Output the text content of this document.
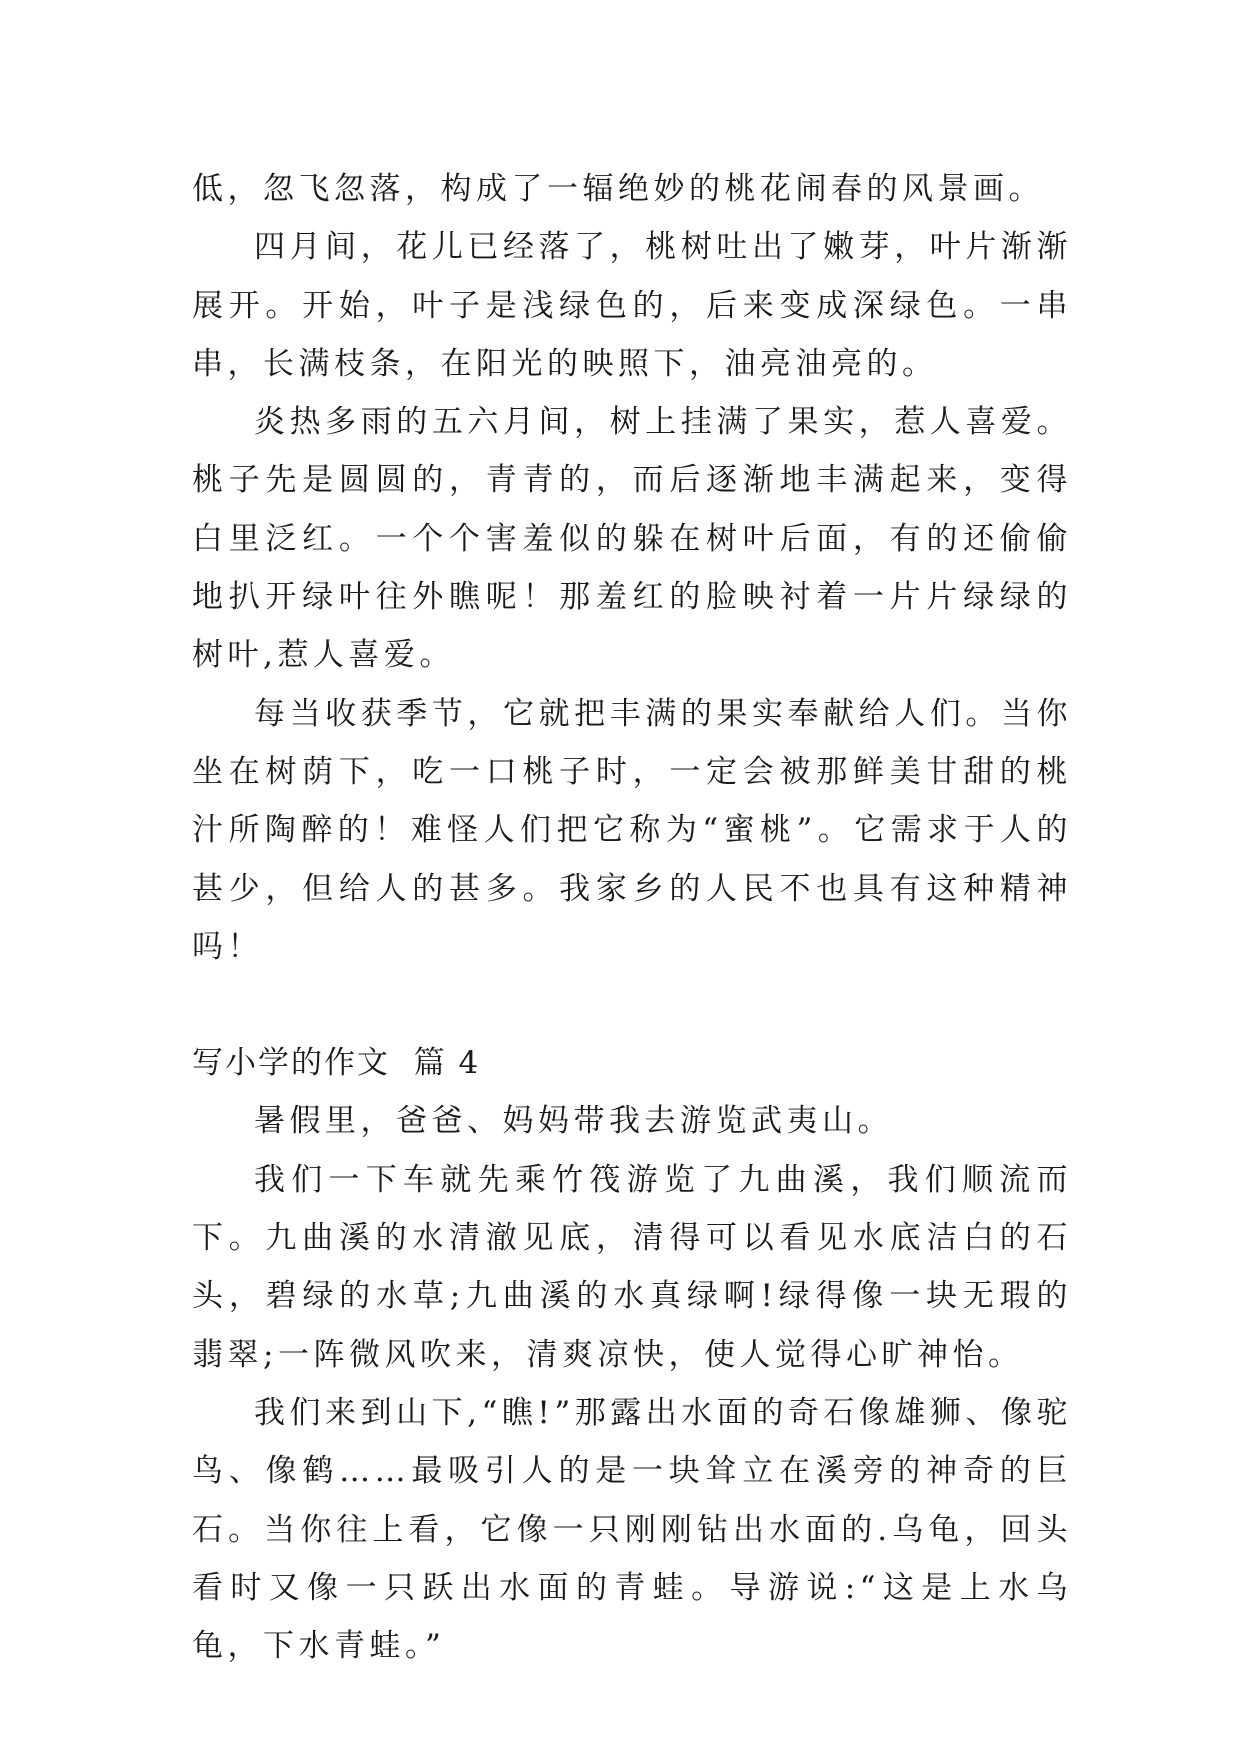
低，忽飞忽落，构成了一辐绝妙的桃花闹春的风景画。

四月间，花儿已经落了，桃树吐出了嫩芽，叶片渐渐展开。开始，叶子是浅绿色的，后来变成深绿色。一串串，长满枝条，在阳光的映照下，油亮油亮的。

炎热多雨的五六月间，树上挂满了果实，惹人喜爱。桃子先是圆圆的，青青的，而后逐渐地丰满起来，变得白里泛红。一个个害羞似的躲在树叶后面，有的还偷偷地扒开绿叶往外瞧呢！那羞红的脸映衬着一片片绿绿的树叶,惹人喜爱。

每当收获季节，它就把丰满的果实奉献给人们。当你坐在树荫下，吃一口桃子时，一定会被那鲜美甘甜的桃汁所陶醉的！难怪人们把它称为“蜜桃”。它需求于人的甚少，但给人的甚多。我家乡的人民不也具有这种精神吗！

写小学的作文  篇 4

暑假里，爸爸、妈妈带我去游览武夷山。

我们一下车就先乘竹筏游览了九曲溪，我们顺流而下。九曲溪的水清澈见底，清得可以看见水底洁白的石头，碧绿的水草;九曲溪的水真绿啊!绿得像一块无瑕的翡翠;一阵微风吹来，清爽凉快，使人觉得心旷神怡。

我们来到山下,“瞧!”那露出水面的奇石像雄狮、像驼鸟、像鹤……最吸引人的是一块耸立在溪旁的神奇的巨石。当你往上看，它像一只刚刚钻出水面的.乌龟，回头看时又像一只跃出水面的青蛙。导游说:“这是上水乌龟，下水青蛙。”
